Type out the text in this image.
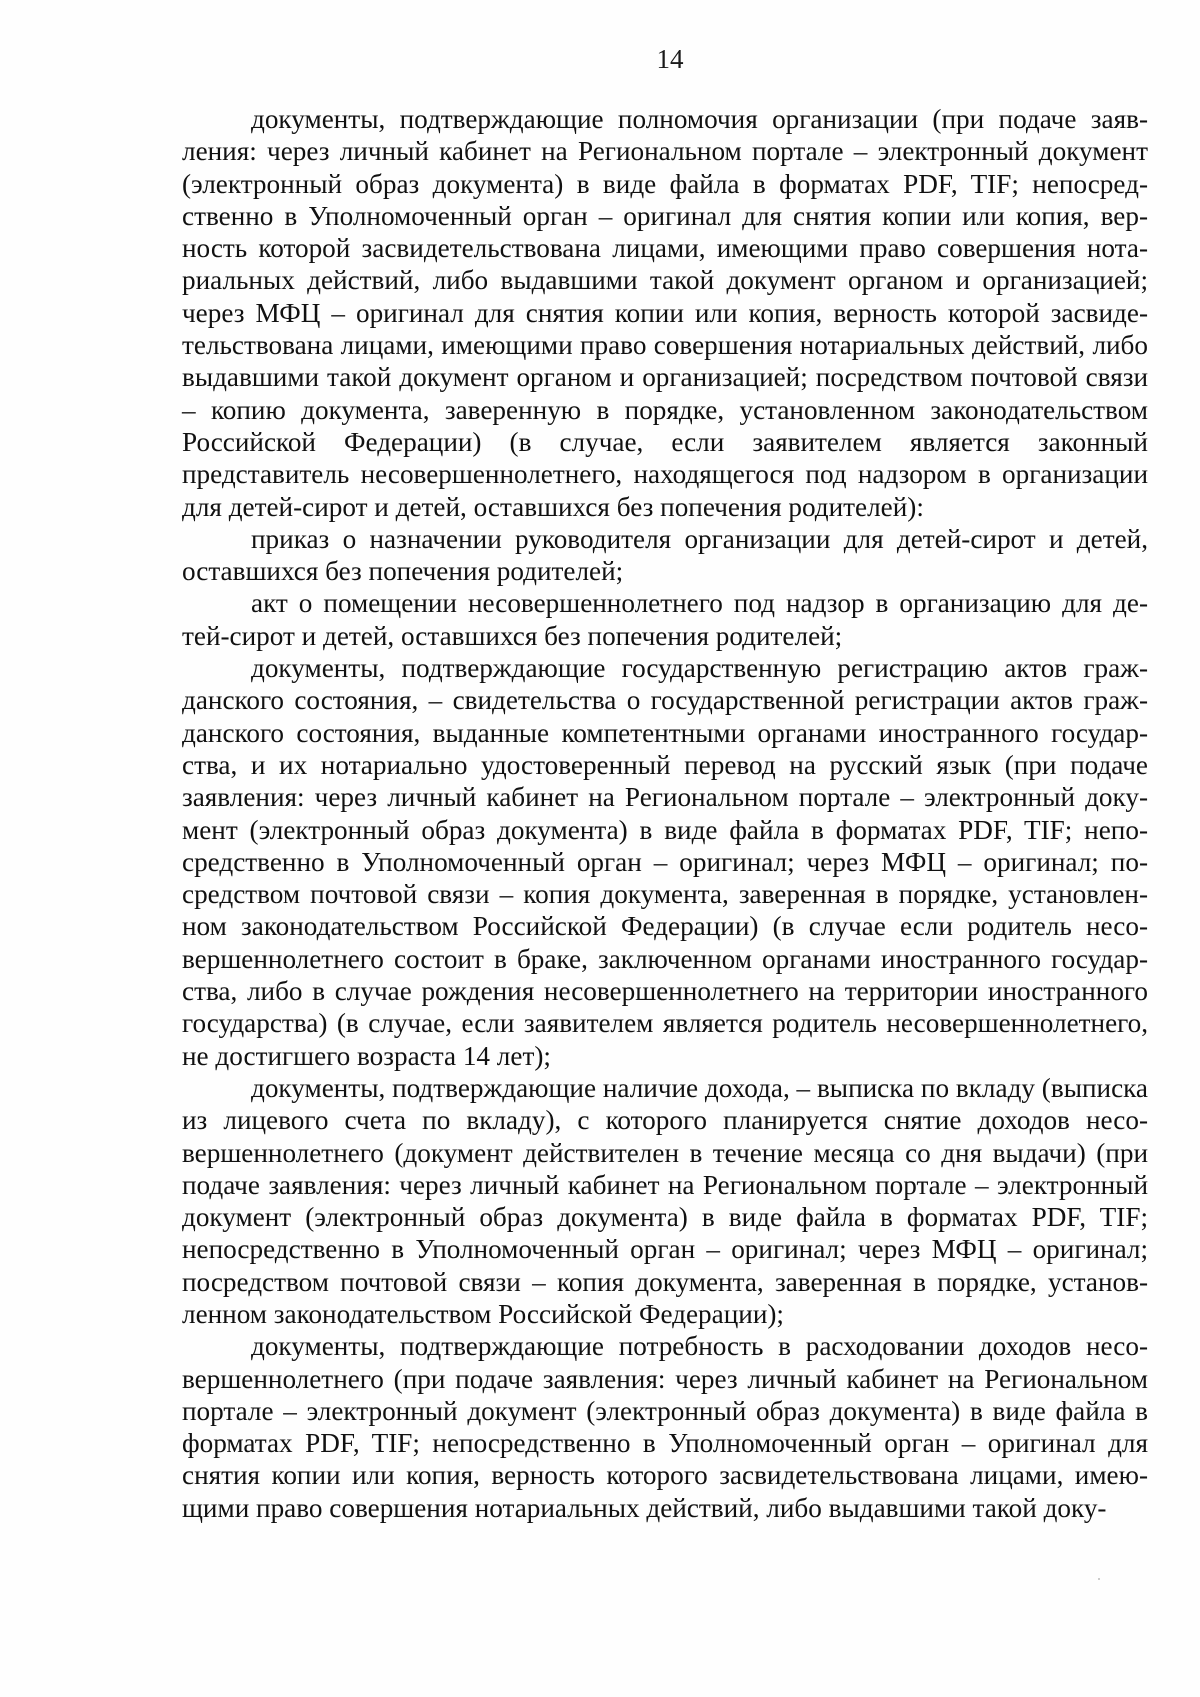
14

документы, подтверждающие полномочия организации (при подаче заявления: через личный кабинет на Региональном портале – электронный документ (электронный образ документа) в виде файла в форматах PDF, TIF; непосредственно в Уполномоченный орган – оригинал для снятия копии или копия, верность которой засвидетельствована лицами, имеющими право совершения нотариальных действий, либо выдавшими такой документ органом и организацией; через МФЦ – оригинал для снятия копии или копия, верность которой засвидетельствована лицами, имеющими право совершения нотариальных действий, либо выдавшими такой документ органом и организацией; посредством почтовой связи – копию документа, заверенную в порядке, установленном законодательством Российской Федерации) (в случае, если заявителем является законный представитель несовершеннолетнего, находящегося под надзором в организации для детей-сирот и детей, оставшихся без попечения родителей):

приказ о назначении руководителя организации для детей-сирот и детей, оставшихся без попечения родителей;

акт о помещении несовершеннолетнего под надзор в организацию для детей-сирот и детей, оставшихся без попечения родителей;

документы, подтверждающие государственную регистрацию актов гражданского состояния, – свидетельства о государственной регистрации актов гражданского состояния, выданные компетентными органами иностранного государства, и их нотариально удостоверенный перевод на русский язык (при подаче заявления: через личный кабинет на Региональном портале – электронный документ (электронный образ документа) в виде файла в форматах PDF, TIF; непосредственно в Уполномоченный орган – оригинал; через МФЦ – оригинал; посредством почтовой связи – копия документа, заверенная в порядке, установленном законодательством Российской Федерации) (в случае если родитель несовершеннолетнего состоит в браке, заключенном органами иностранного государства, либо в случае рождения несовершеннолетнего на территории иностранного государства) (в случае, если заявителем является родитель несовершеннолетнего, не достигшего возраста 14 лет);

документы, подтверждающие наличие дохода, – выписка по вкладу (выписка из лицевого счета по вкладу), с которого планируется снятие доходов несовершеннолетнего (документ действителен в течение месяца со дня выдачи) (при подаче заявления: через личный кабинет на Региональном портале – электронный документ (электронный образ документа) в виде файла в форматах PDF, TIF; непосредственно в Уполномоченный орган – оригинал; через МФЦ – оригинал; посредством почтовой связи – копия документа, заверенная в порядке, установленном законодательством Российской Федерации);

документы, подтверждающие потребность в расходовании доходов несовершеннолетнего (при подаче заявления: через личный кабинет на Региональном портале – электронный документ (электронный образ документа) в виде файла в форматах PDF, TIF; непосредственно в Уполномоченный орган – оригинал для снятия копии или копия, верность которого засвидетельствована лицами, имеющими право совершения нотариальных действий, либо выдавшими такой доку-
